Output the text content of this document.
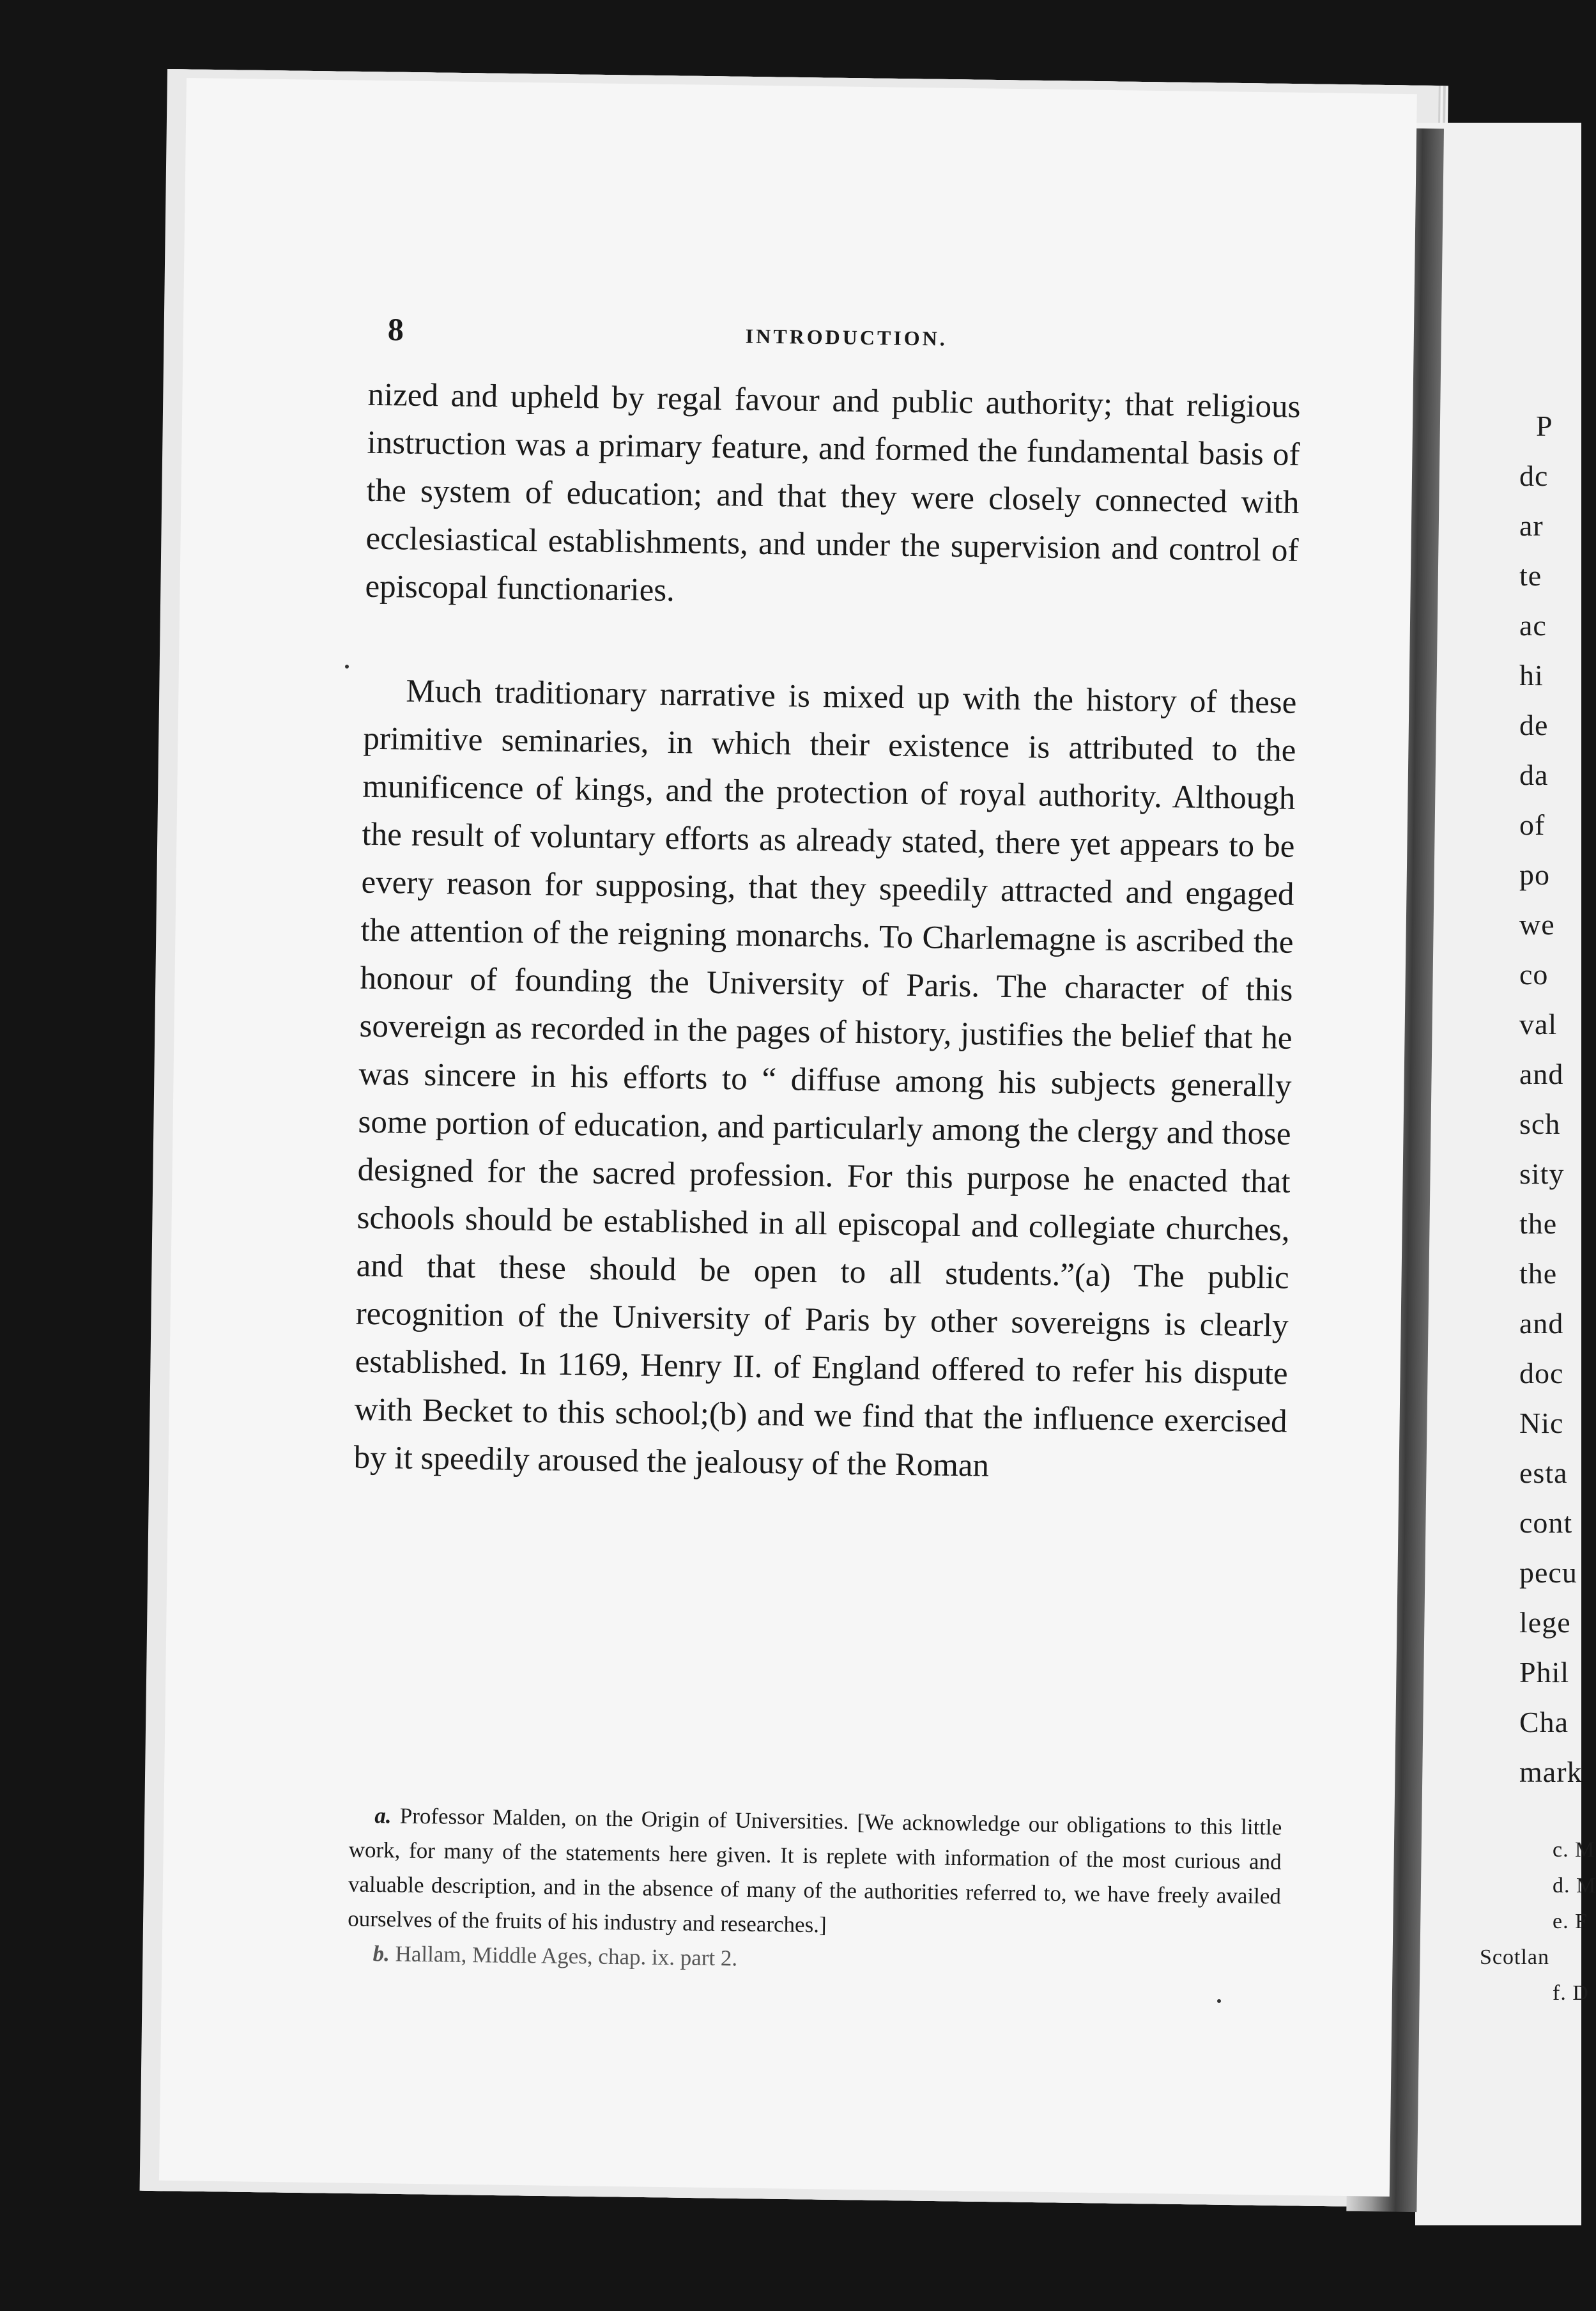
P
dc
ar
te
ac
hi
de
da
of
po
we
co
val
and
sch
sity
the
the
and
doc
Nic
esta
cont
pecu
lege
Phil
Cha
mark
c. M
d. M
e. F
Scotlan
f. D
8	INTRODUCTION.

nized and upheld by regal favour and public authority; that religious instruction was a primary feature, and formed the fundamental basis of the system of education; and that they were closely connected with ecclesiastical establishments, and under the supervision and control of episcopal functionaries.

Much traditionary narrative is mixed up with the history of these primitive seminaries, in which their existence is attributed to the munificence of kings, and the protection of royal authority. Although the result of voluntary efforts as already stated, there yet appears to be every reason for supposing, that they speedily attracted and engaged the attention of the reigning monarchs. To Charlemagne is ascribed the honour of founding the University of Paris. The character of this sovereign as recorded in the pages of history, justifies the belief that he was sincere in his efforts to “ diffuse among his subjects generally some portion of education, and particularly among the clergy and those designed for the sacred profession. For this purpose he enacted that schools should be established in all episcopal and collegiate churches, and that these should be open to all students.”(a) The public recognition of the University of Paris by other sovereigns is clearly established. In 1169, Henry II. of England offered to refer his dispute with Becket to this school;(b) and we find that the influence exercised by it speedily aroused the jealousy of the Roman

a. Professor Malden, on the Origin of Universities. [We acknowledge our obligations to this little work, for many of the statements here given. It is replete with information of the most curious and valuable description, and in the absence of many of the authorities referred to, we have freely availed ourselves of the fruits of his industry and researches.]

b. Hallam, Middle Ages, chap. ix. part 2.
